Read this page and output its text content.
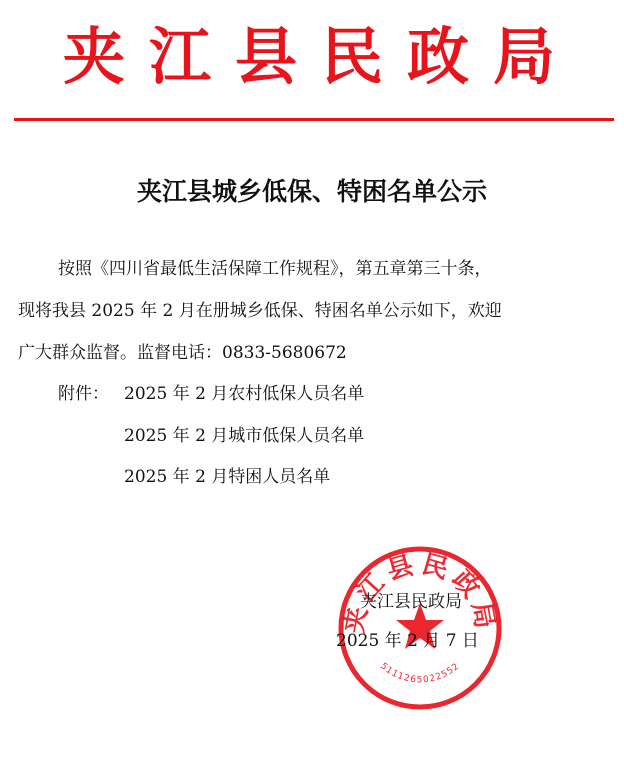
夹江县民政局
夹江县城乡低保、特困名单公示
按照《四川省最低生活保障工作规程》，第五章第三十条，
现将我县 2025 年 2 月在册城乡低保、特困名单公示如下，欢迎
广大群众监督。监督电话：0833-5680672
附件： 2025 年 2 月农村低保人员名单
2025 年 2 月城市低保人员名单
2025 年 2 月特困人员名单
夹江县民政局
5111265022552
夹江县民政局
2025 年 2 月 7 日
